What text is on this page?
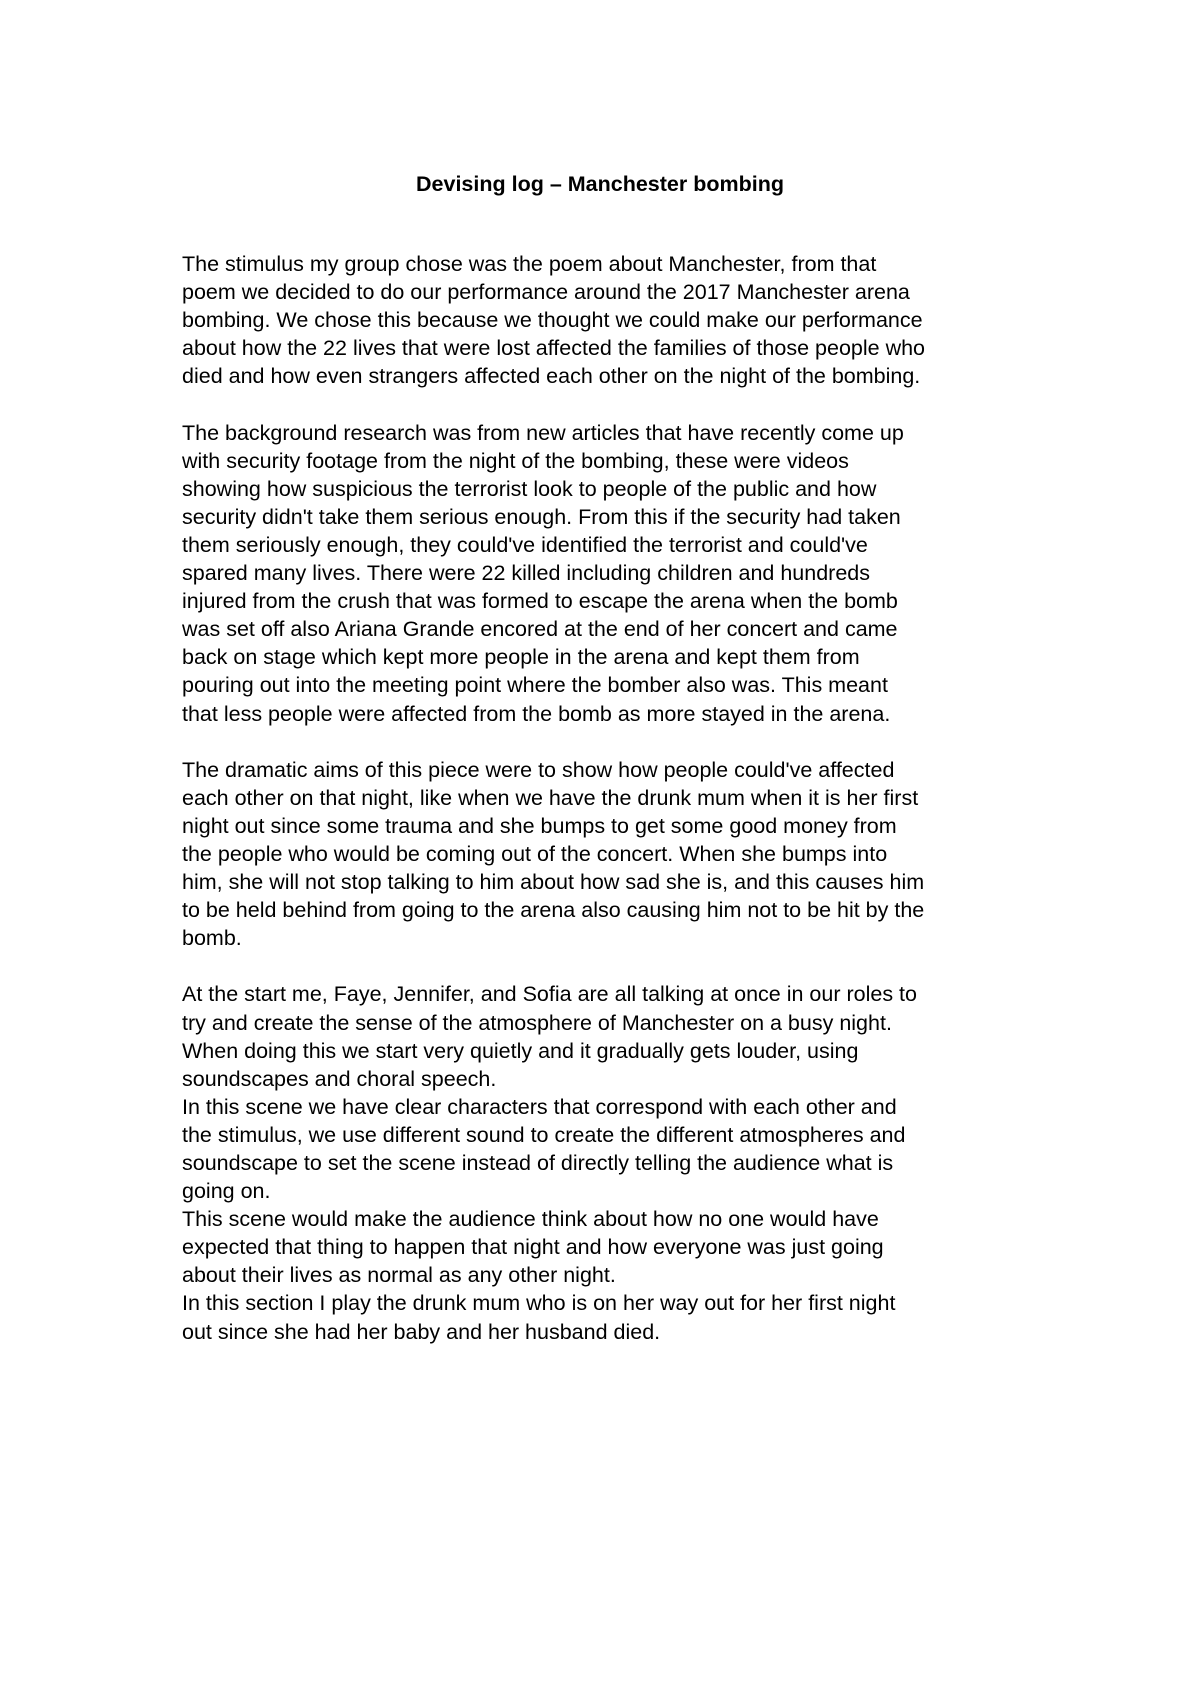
Devising log – Manchester bombing

The stimulus my group chose was the poem about Manchester, from that
poem we decided to do our performance around the 2017 Manchester arena
bombing. We chose this because we thought we could make our performance
about how the 22 lives that were lost affected the families of those people who
died and how even strangers affected each other on the night of the bombing.

The background research was from new articles that have recently come up
with security footage from the night of the bombing, these were videos
showing how suspicious the terrorist look to people of the public and how
security didn't take them serious enough. From this if the security had taken
them seriously enough, they could've identified the terrorist and could've
spared many lives. There were 22 killed including children and hundreds
injured from the crush that was formed to escape the arena when the bomb
was set off also Ariana Grande encored at the end of her concert and came
back on stage which kept more people in the arena and kept them from
pouring out into the meeting point where the bomber also was. This meant
that less people were affected from the bomb as more stayed in the arena.

The dramatic aims of this piece were to show how people could've affected
each other on that night, like when we have the drunk mum when it is her first
night out since some trauma and she bumps to get some good money from
the people who would be coming out of the concert. When she bumps into
him, she will not stop talking to him about how sad she is, and this causes him
to be held behind from going to the arena also causing him not to be hit by the
bomb.

At the start me, Faye, Jennifer, and Sofia are all talking at once in our roles to
try and create the sense of the atmosphere of Manchester on a busy night.
When doing this we start very quietly and it gradually gets louder, using
soundscapes and choral speech.

In this scene we have clear characters that correspond with each other and
the stimulus, we use different sound to create the different atmospheres and
soundscape to set the scene instead of directly telling the audience what is
going on.

This scene would make the audience think about how no one would have
expected that thing to happen that night and how everyone was just going
about their lives as normal as any other night.

In this section I play the drunk mum who is on her way out for her first night
out since she had her baby and her husband died.
